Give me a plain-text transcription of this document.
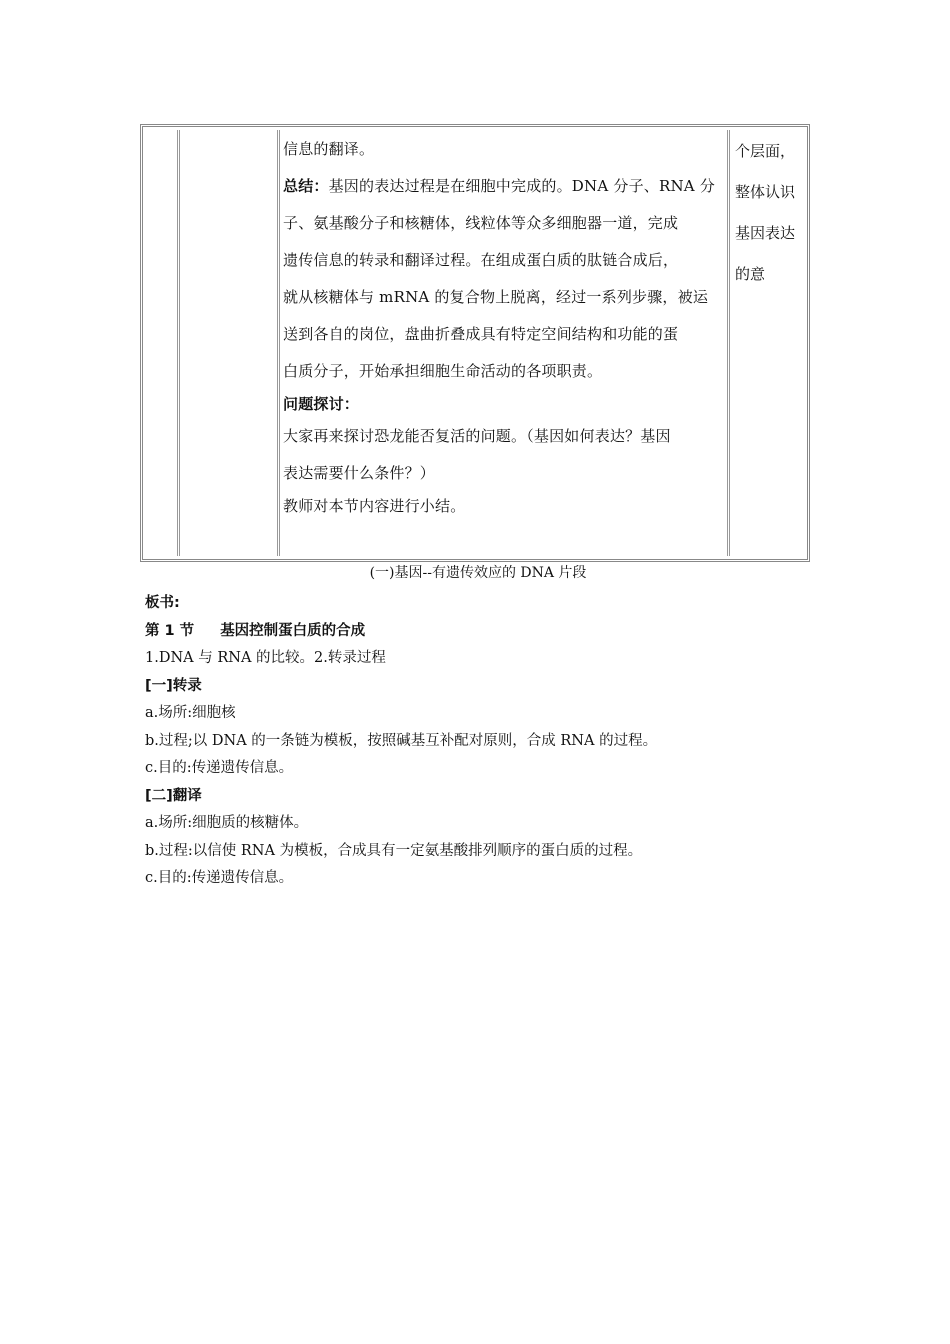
信息的翻译。
总结：基因的表达过程是在细胞中完成的。DNA 分子、RNA 分
子、氨基酸分子和核糖体，线粒体等众多细胞器一道，完成
遗传信息的转录和翻译过程。在组成蛋白质的肽链合成后，
就从核糖体与 mRNA 的复合物上脱离，经过一系列步骤，被运
送到各自的岗位，盘曲折叠成具有特定空间结构和功能的蛋
白质分子，开始承担细胞生命活动的各项职责。
问题探讨：
大家再来探讨恐龙能否复活的问题。（基因如何表达？基因
表达需要什么条件？）
教师对本节内容进行小结。
个层面，
整体认识
基因表达
的意
(一)基因--有遗传效应的 DNA 片段
板书:
第 1 节 基因控制蛋白质的合成
1.DNA 与 RNA 的比较。2.转录过程
[一]转录
a.场所:细胞核
b.过程;以 DNA 的一条链为模板，按照碱基互补配对原则，合成 RNA 的过程。
c.目的:传递遗传信息。
[二]翻译
a.场所:细胞质的核糖体。
b.过程:以信使 RNA 为模板，合成具有一定氨基酸排列顺序的蛋白质的过程。
c.目的:传递遗传信息。
